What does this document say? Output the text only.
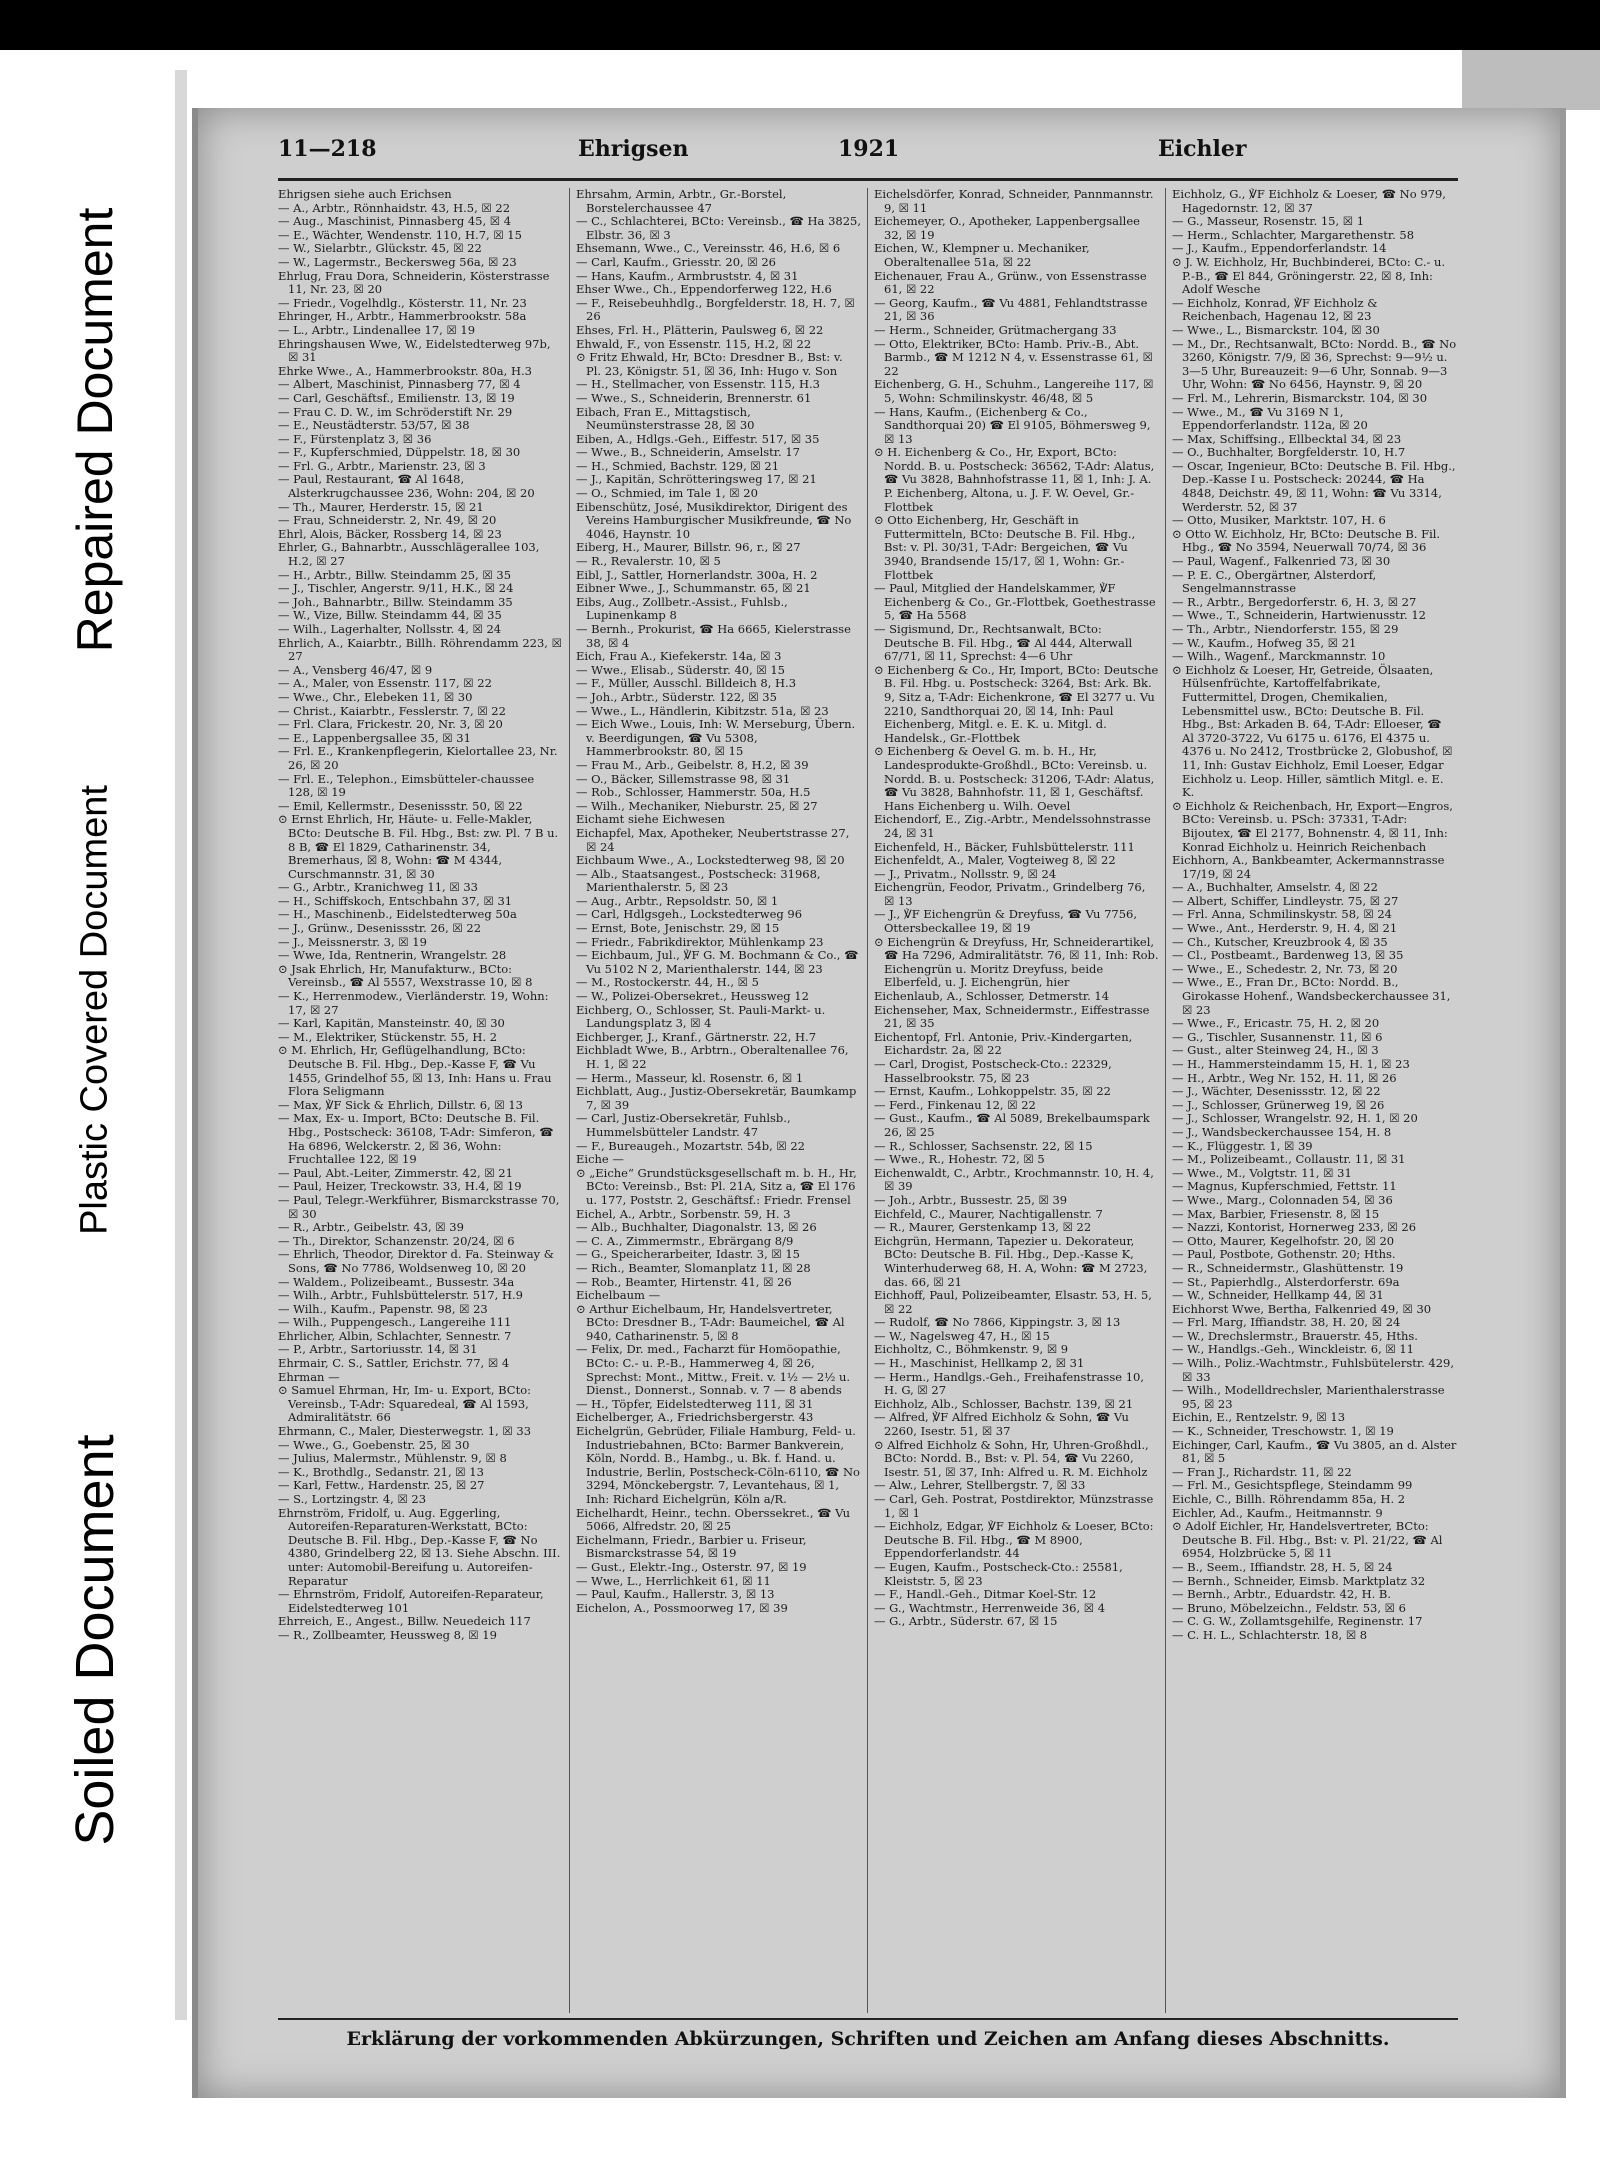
Repaired Document
Plastic Covered Document
Soiled Document
11—218	Ehrigsen	1921	Eichler

Ehrigsen siehe auch Erichsen

— A., Arbtr., Rönnhaidstr. 43, H.5, ☒ 22

— Aug., Maschinist, Pinnasberg 45, ☒ 4

— E., Wächter, Wendenstr. 110, H.7, ☒ 15

— W., Sielarbtr., Glückstr. 45, ☒ 22

— W., Lagermstr., Beckersweg 56a, ☒ 23

Ehrlug, Frau Dora, Schneiderin, Kösterstrasse 11, Nr. 23, ☒ 20

— Friedr., Vogelhdlg., Kösterstr. 11, Nr. 23

Ehringer, H., Arbtr., Hammerbrookstr. 58a

— L., Arbtr., Lindenallee 17, ☒ 19

Ehringshausen Wwe, W., Eidelstedterweg 97b, ☒ 31

Ehrke Wwe., A., Hammerbrookstr. 80a, H.3

— Albert, Maschinist, Pinnasberg 77, ☒ 4

— Carl, Geschäftsf., Emilienstr. 13, ☒ 19

— Frau C. D. W., im Schröderstift Nr. 29

— E., Neustädterstr. 53/57, ☒ 38

— F., Fürstenplatz 3, ☒ 36

— F., Kupferschmied, Düppelstr. 18, ☒ 30

— Frl. G., Arbtr., Marienstr. 23, ☒ 3

— Paul, Restaurant, ☎ Al 1648, Alsterkrugchaussee 236, Wohn: 204, ☒ 20

— Th., Maurer, Herderstr. 15, ☒ 21

— Frau, Schneiderstr. 2, Nr. 49, ☒ 20

Ehrl, Alois, Bäcker, Rossberg 14, ☒ 23

Ehrler, G., Bahnarbtr., Ausschlägerallee 103, H.2, ☒ 27

— H., Arbtr., Billw. Steindamm 25, ☒ 35

— J., Tischler, Angerstr. 9/11, H.K., ☒ 24

— Joh., Bahnarbtr., Billw. Steindamm 35

— W., Vize, Billw. Steindamm 44, ☒ 35

— Wilh., Lagerhalter, Nollsstr. 4, ☒ 24

Ehrlich, A., Kaiarbtr., Billh. Röhrendamm 223, ☒ 27

— A., Vensberg 46/47, ☒ 9

— A., Maler, von Essenstr. 117, ☒ 22

— Wwe., Chr., Elebeken 11, ☒ 30

— Christ., Kaiarbtr., Fesslerstr. 7, ☒ 22

— Frl. Clara, Frickestr. 20, Nr. 3, ☒ 20

— E., Lappenbergsallee 35, ☒ 31

— Frl. E., Krankenpflegerin, Kielortallee 23, Nr. 26, ☒ 20

— Frl. E., Telephon., Eimsbütteler-chaussee 128, ☒ 19

— Emil, Kellermstr., Desenissstr. 50, ☒ 22

⊙ Ernst Ehrlich, Hr, Häute- u. Felle-Makler, BCto: Deutsche B. Fil. Hbg., Bst: zw. Pl. 7 B u. 8 B, ☎ El 1829, Catharinenstr. 34, Bremerhaus, ☒ 8, Wohn: ☎ M 4344, Curschmannstr. 31, ☒ 30

— G., Arbtr., Kranichweg 11, ☒ 33

— H., Schiffskoch, Entschbahn 37, ☒ 31

— H., Maschinenb., Eidelstedterweg 50a

— J., Grünw., Desenissstr. 26, ☒ 22

— J., Meissnerstr. 3, ☒ 19

— Wwe, Ida, Rentnerin, Wrangelstr. 28

⊙ Jsak Ehrlich, Hr, Manufakturw., BCto: Vereinsb., ☎ Al 5557, Wexstrasse 10, ☒ 8

— K., Herrenmodew., Vierländerstr. 19, Wohn: 17, ☒ 27

— Karl, Kapitän, Mansteinstr. 40, ☒ 30

— M., Elektriker, Stückenstr. 55, H. 2

⊙ M. Ehrlich, Hr, Geflügelhandlung, BCto: Deutsche B. Fil. Hbg., Dep.-Kasse F, ☎ Vu 1455, Grindelhof 55, ☒ 13, Inh: Hans u. Frau Flora Seligmann

— Max, ℣F Sick & Ehrlich, Dillstr. 6, ☒ 13

— Max, Ex- u. Import, BCto: Deutsche B. Fil. Hbg., Postscheck: 36108, T-Adr: Simferon, ☎ Ha 6896, Welckerstr. 2, ☒ 36, Wohn: Fruchtallee 122, ☒ 19

— Paul, Abt.-Leiter, Zimmerstr. 42, ☒ 21

— Paul, Heizer, Treckowstr. 33, H.4, ☒ 19

— Paul, Telegr.-Werkführer, Bismarckstrasse 70, ☒ 30

— R., Arbtr., Geibelstr. 43, ☒ 39

— Th., Direktor, Schanzenstr. 20/24, ☒ 6

— Ehrlich, Theodor, Direktor d. Fa. Steinway & Sons, ☎ No 7786, Woldsenweg 10, ☒ 20

— Waldem., Polizeibeamt., Bussestr. 34a

— Wilh., Arbtr., Fuhlsbüttelerstr. 517, H.9

— Wilh., Kaufm., Papenstr. 98, ☒ 23

— Wilh., Puppengesch., Langereihe 111

Ehrlicher, Albin, Schlachter, Sennestr. 7

— P., Arbtr., Sartoriusstr. 14, ☒ 31

Ehrmair, C. S., Sattler, Erichstr. 77, ☒ 4

Ehrman —

⊙ Samuel Ehrman, Hr, Im- u. Export, BCto: Vereinsb., T-Adr: Squaredeal, ☎ Al 1593, Admiralitätstr. 66

Ehrmann, C., Maler, Diesterwegstr. 1, ☒ 33

— Wwe., G., Goebenstr. 25, ☒ 30

— Julius, Malermstr., Mühlenstr. 9, ☒ 8

— K., Brothdlg., Sedanstr. 21, ☒ 13

— Karl, Fettw., Hardenstr. 25, ☒ 27

— S., Lortzingstr. 4, ☒ 23

Ehrnström, Fridolf, u. Aug. Eggerling, Autoreifen-Reparaturen-Werkstatt, BCto: Deutsche B. Fil. Hbg., Dep.-Kasse F, ☎ No 4380, Grindelberg 22, ☒ 13. Siehe Abschn. III. unter: Automobil-Bereifung u. Autoreifen-Reparatur

— Ehrnström, Fridolf, Autoreifen-Reparateur, Eidelstedterweg 101

Ehrreich, E., Angest., Billw. Neuedeich 117

— R., Zollbeamter, Heussweg 8, ☒ 19

Ehrsahm, Armin, Arbtr., Gr.-Borstel, Borstelerchaussee 47

— C., Schlachterei, BCto: Vereinsb., ☎ Ha 3825, Elbstr. 36, ☒ 3

Ehsemann, Wwe., C., Vereinsstr. 46, H.6, ☒ 6

— Carl, Kaufm., Griesstr. 20, ☒ 26

— Hans, Kaufm., Armbruststr. 4, ☒ 31

Ehser Wwe., Ch., Eppendorferweg 122, H.6

— F., Reisebeuhhdlg., Borgfelderstr. 18, H. 7, ☒ 26

Ehses, Frl. H., Plätterin, Paulsweg 6, ☒ 22

Ehwald, F., von Essenstr. 115, H.2, ☒ 22

⊙ Fritz Ehwald, Hr, BCto: Dresdner B., Bst: v. Pl. 23, Königstr. 51, ☒ 36, Inh: Hugo v. Son

— H., Stellmacher, von Essenstr. 115, H.3

— Wwe., S., Schneiderin, Brennerstr. 61

Eibach, Fran E., Mittagstisch, Neumünsterstrasse 28, ☒ 30

Eiben, A., Hdlgs.-Geh., Eiffestr. 517, ☒ 35

— Wwe., B., Schneiderin, Amselstr. 17

— H., Schmied, Bachstr. 129, ☒ 21

— J., Kapitän, Schrötteringsweg 17, ☒ 21

— O., Schmied, im Tale 1, ☒ 20

Eibenschütz, José, Musikdirektor, Dirigent des Vereins Hamburgischer Musikfreunde, ☎ No 4046, Haynstr. 10

Eiberg, H., Maurer, Billstr. 96, r., ☒ 27

— R., Revalerstr. 10, ☒ 5

Eibl, J., Sattler, Hornerlandstr. 300a, H. 2

Eibner Wwe., J., Schummanstr. 65, ☒ 21

Eibs, Aug., Zollbetr.-Assist., Fuhlsb., Lupinenkamp 8

— Bernh., Prokurist, ☎ Ha 6665, Kielerstrasse 38, ☒ 4

Eich, Frau A., Kiefekerstr. 14a, ☒ 3

— Wwe., Elisab., Süderstr. 40, ☒ 15

— F., Müller, Ausschl. Billdeich 8, H.3

— Joh., Arbtr., Süderstr. 122, ☒ 35

— Wwe., L., Händlerin, Kibitzstr. 51a, ☒ 23

— Eich Wwe., Louis, Inh: W. Merseburg, Übern. v. Beerdigungen, ☎ Vu 5308, Hammerbrookstr. 80, ☒ 15

— Frau M., Arb., Geibelstr. 8, H.2, ☒ 39

— O., Bäcker, Sillemstrasse 98, ☒ 31

— Rob., Schlosser, Hammerstr. 50a, H.5

— Wilh., Mechaniker, Nieburstr. 25, ☒ 27

Eichamt siehe Eichwesen

Eichapfel, Max, Apotheker, Neubertstrasse 27, ☒ 24

Eichbaum Wwe., A., Lockstedterweg 98, ☒ 20

— Alb., Staatsangest., Postscheck: 31968, Marienthalerstr. 5, ☒ 23

— Aug., Arbtr., Repsoldstr. 50, ☒ 1

— Carl, Hdlgsgeh., Lockstedterweg 96

— Ernst, Bote, Jenischstr. 29, ☒ 15

— Friedr., Fabrikdirektor, Mühlenkamp 23

— Eichbaum, Jul., ℣F G. M. Bochmann & Co., ☎ Vu 5102 N 2, Marienthalerstr. 144, ☒ 23

— M., Rostockerstr. 44, H., ☒ 5

— W., Polizei-Obersekret., Heussweg 12

Eichberg, O., Schlosser, St. Pauli-Markt- u. Landungsplatz 3, ☒ 4

Eichberger, J., Kranf., Gärtnerstr. 22, H.7

Eichbladt Wwe, B., Arbtrn., Oberaltenallee 76, H. 1, ☒ 22

— Herm., Masseur, kl. Rosenstr. 6, ☒ 1

Eichblatt, Aug., Justiz-Obersekretär, Baumkamp 7, ☒ 39

— Carl, Justiz-Obersekretär, Fuhlsb., Hummelsbütteler Landstr. 47

— F., Bureaugeh., Mozartstr. 54b, ☒ 22

Eiche —

⊙ „Eiche“ Grundstücksgesellschaft m. b. H., Hr, BCto: Vereinsb., Bst: Pl. 21A, Sitz a, ☎ El 176 u. 177, Poststr. 2, Geschäftsf.: Friedr. Frensel

Eichel, A., Arbtr., Sorbenstr. 59, H. 3

— Alb., Buchhalter, Diagonalstr. 13, ☒ 26

— C. A., Zimmermstr., Ebrärgang 8/9

— G., Speicherarbeiter, Idastr. 3, ☒ 15

— Rich., Beamter, Slomanplatz 11, ☒ 28

— Rob., Beamter, Hirtenstr. 41, ☒ 26

Eichelbaum —

⊙ Arthur Eichelbaum, Hr, Handelsvertreter, BCto: Dresdner B., T-Adr: Baumeichel, ☎ Al 940, Catharinenstr. 5, ☒ 8

— Felix, Dr. med., Facharzt für Homöopathie, BCto: C.- u. P.-B., Hammerweg 4, ☒ 26, Sprechst: Mont., Mittw., Freit. v. 1½ — 2½ u. Dienst., Donnerst., Sonnab. v. 7 — 8 abends

— H., Töpfer, Eidelstedterweg 111, ☒ 31

Eichelberger, A., Friedrichsbergerstr. 43

Eichelgrün, Gebrüder, Filiale Hamburg, Feld- u. Industriebahnen, BCto: Barmer Bankverein, Köln, Nordd. B., Hambg., u. Bk. f. Hand. u. Industrie, Berlin, Postscheck-Cöln-6110, ☎ No 3294, Mönckebergstr. 7, Levantehaus, ☒ 1, Inh: Richard Eichelgrün, Köln a/R.

Eichelhardt, Heinr., techn. Oberssekret., ☎ Vu 5066, Alfredstr. 20, ☒ 25

Eichelmann, Friedr., Barbier u. Friseur, Bismarckstrasse 54, ☒ 19

— Gust., Elektr.-Ing., Osterstr. 97, ☒ 19

— Wwe, L., Herrlichkeit 61, ☒ 11

— Paul, Kaufm., Hallerstr. 3, ☒ 13

Eichelon, A., Possmoorweg 17, ☒ 39

Eichelsdörfer, Konrad, Schneider, Pannmannstr. 9, ☒ 11

Eichemeyer, O., Apotheker, Lappenbergsallee 32, ☒ 19

Eichen, W., Klempner u. Mechaniker, Oberaltenallee 51a, ☒ 22

Eichenauer, Frau A., Grünw., von Essenstrasse 61, ☒ 22

— Georg, Kaufm., ☎ Vu 4881, Fehlandtstrasse 21, ☒ 36

— Herm., Schneider, Grütmachergang 33

— Otto, Elektriker, BCto: Hamb. Priv.-B., Abt. Barmb., ☎ M 1212 N 4, v. Essenstrasse 61, ☒ 22

Eichenberg, G. H., Schuhm., Langereihe 117, ☒ 5, Wohn: Schmilinskystr. 46/48, ☒ 5

— Hans, Kaufm., (Eichenberg & Co., Sandthorquai 20) ☎ El 9105, Böhmersweg 9, ☒ 13

⊙ H. Eichenberg & Co., Hr, Export, BCto: Nordd. B. u. Postscheck: 36562, T-Adr: Alatus, ☎ Vu 3828, Bahnhofstrasse 11, ☒ 1, Inh: J. A. P. Eichenberg, Altona, u. J. F. W. Oevel, Gr.-Flottbek

⊙ Otto Eichenberg, Hr, Geschäft in Futtermitteln, BCto: Deutsche B. Fil. Hbg., Bst: v. Pl. 30/31, T-Adr: Bergeichen, ☎ Vu 3940, Brandsende 15/17, ☒ 1, Wohn: Gr.-Flottbek

— Paul, Mitglied der Handelskammer, ℣F Eichenberg & Co., Gr.-Flottbek, Goethestrasse 5, ☎ Ha 5568

— Sigismund, Dr., Rechtsanwalt, BCto: Deutsche B. Fil. Hbg., ☎ Al 444, Alterwall 67/71, ☒ 11, Sprechst: 4—6 Uhr

⊙ Eichenberg & Co., Hr, Import, BCto: Deutsche B. Fil. Hbg. u. Postscheck: 3264, Bst: Ark. Bk. 9, Sitz a, T-Adr: Eichenkrone, ☎ El 3277 u. Vu 2210, Sandthorquai 20, ☒ 14, Inh: Paul Eichenberg, Mitgl. e. E. K. u. Mitgl. d. Handelsk., Gr.-Flottbek

⊙ Eichenberg & Oevel G. m. b. H., Hr, Landesprodukte-Großhdl., BCto: Vereinsb. u. Nordd. B. u. Postscheck: 31206, T-Adr: Alatus, ☎ Vu 3828, Bahnhofstr. 11, ☒ 1, Geschäftsf. Hans Eichenberg u. Wilh. Oevel

Eichendorf, E., Zig.-Arbtr., Mendelssohnstrasse 24, ☒ 31

Eichenfeld, H., Bäcker, Fuhlsbüttelerstr. 111

Eichenfeldt, A., Maler, Vogteiweg 8, ☒ 22

— J., Privatm., Nollsstr. 9, ☒ 24

Eichengrün, Feodor, Privatm., Grindelberg 76, ☒ 13

— J., ℣F Eichengrün & Dreyfuss, ☎ Vu 7756, Ottersbeckallee 19, ☒ 19

⊙ Eichengrün & Dreyfuss, Hr, Schneiderartikel, ☎ Ha 7296, Admiralitätstr. 76, ☒ 11, Inh: Rob. Eichengrün u. Moritz Dreyfuss, beide Elberfeld, u. J. Eichengrün, hier

Eichenlaub, A., Schlosser, Detmerstr. 14

Eichenseher, Max, Schneidermstr., Eiffestrasse 21, ☒ 35

Eichentopf, Frl. Antonie, Priv.-Kindergarten, Eichardstr. 2a, ☒ 22

— Carl, Drogist, Postscheck-Cto.: 22329, Hasselbrookstr. 75, ☒ 23

— Ernst, Kaufm., Lohkoppelstr. 35, ☒ 22

— Ferd., Finkenau 12, ☒ 22

— Gust., Kaufm., ☎ Al 5089, Brekelbaumspark 26, ☒ 25

— R., Schlosser, Sachsenstr. 22, ☒ 15

— Wwe., R., Hohestr. 72, ☒ 5

Eichenwaldt, C., Arbtr., Krochmannstr. 10, H. 4, ☒ 39

— Joh., Arbtr., Bussestr. 25, ☒ 39

Eichfeld, C., Maurer, Nachtigallenstr. 7

— R., Maurer, Gerstenkamp 13, ☒ 22

Eichgrün, Hermann, Tapezier u. Dekorateur, BCto: Deutsche B. Fil. Hbg., Dep.-Kasse K, Winterhuderweg 68, H. A, Wohn: ☎ M 2723, das. 66, ☒ 21

Eichhoff, Paul, Polizeibeamter, Elsastr. 53, H. 5, ☒ 22

— Rudolf, ☎ No 7866, Kippingstr. 3, ☒ 13

— W., Nagelsweg 47, H., ☒ 15

Eichholtz, C., Böhmkenstr. 9, ☒ 9

— H., Maschinist, Hellkamp 2, ☒ 31

— Herm., Handlgs.-Geh., Freihafenstrasse 10, H. G, ☒ 27

Eichholz, Alb., Schlosser, Bachstr. 139, ☒ 21

— Alfred, ℣F Alfred Eichholz & Sohn, ☎ Vu 2260, Isestr. 51, ☒ 37

⊙ Alfred Eichholz & Sohn, Hr, Uhren-Großhdl., BCto: Nordd. B., Bst: v. Pl. 54, ☎ Vu 2260, Isestr. 51, ☒ 37, Inh: Alfred u. R. M. Eichholz

— Alw., Lehrer, Stellbergstr. 7, ☒ 33

— Carl, Geh. Postrat, Postdirektor, Münzstrasse 1, ☒ 1

— Eichholz, Edgar, ℣F Eichholz & Loeser, BCto: Deutsche B. Fil. Hbg., ☎ M 8900, Eppendorferlandstr. 44

— Eugen, Kaufm., Postscheck-Cto.: 25581, Kleiststr. 5, ☒ 23

— F., Handl.-Geh., Ditmar Koel-Str. 12

— G., Wachtmstr., Herrenweide 36, ☒ 4

— G., Arbtr., Süderstr. 67, ☒ 15

Eichholz, G., ℣F Eichholz & Loeser, ☎ No 979, Hagedornstr. 12, ☒ 37

— G., Masseur, Rosenstr. 15, ☒ 1

— Herm., Schlachter, Margarethenstr. 58

— J., Kaufm., Eppendorferlandstr. 14

⊙ J. W. Eichholz, Hr, Buchbinderei, BCto: C.- u. P.-B., ☎ El 844, Gröningerstr. 22, ☒ 8, Inh: Adolf Wesche

— Eichholz, Konrad, ℣F Eichholz & Reichenbach, Hagenau 12, ☒ 23

— Wwe., L., Bismarckstr. 104, ☒ 30

— M., Dr., Rechtsanwalt, BCto: Nordd. B., ☎ No 3260, Königstr. 7/9, ☒ 36, Sprechst: 9—9½ u. 3—5 Uhr, Bureauzeit: 9—6 Uhr, Sonnab. 9—3 Uhr, Wohn: ☎ No 6456, Haynstr. 9, ☒ 20

— Frl. M., Lehrerin, Bismarckstr. 104, ☒ 30

— Wwe., M., ☎ Vu 3169 N 1, Eppendorferlandstr. 112a, ☒ 20

— Max, Schiffsing., Ellbecktal 34, ☒ 23

— O., Buchhalter, Borgfelderstr. 10, H.7

— Oscar, Ingenieur, BCto: Deutsche B. Fil. Hbg., Dep.-Kasse I u. Postscheck: 20244, ☎ Ha 4848, Deichstr. 49, ☒ 11, Wohn: ☎ Vu 3314, Werderstr. 52, ☒ 37

— Otto, Musiker, Marktstr. 107, H. 6

⊙ Otto W. Eichholz, Hr, BCto: Deutsche B. Fil. Hbg., ☎ No 3594, Neuerwall 70/74, ☒ 36

— Paul, Wagenf., Falkenried 73, ☒ 30

— P. E. C., Obergärtner, Alsterdorf, Sengelmannstrasse

— R., Arbtr., Bergedorferstr. 6, H. 3, ☒ 27

— Wwe., T., Schneiderin, Hartwienusstr. 12

— Th., Arbtr., Niendorferstr. 155, ☒ 29

— W., Kaufm., Hofweg 35, ☒ 21

— Wilh., Wagenf., Marckmannstr. 10

⊙ Eichholz & Loeser, Hr, Getreide, Ölsaaten, Hülsenfrüchte, Kartoffelfabrikate, Futtermittel, Drogen, Chemikalien, Lebensmittel usw., BCto: Deutsche B. Fil. Hbg., Bst: Arkaden B. 64, T-Adr: Elloeser, ☎ Al 3720-3722, Vu 6175 u. 6176, El 4375 u. 4376 u. No 2412, Trostbrücke 2, Globushof, ☒ 11, Inh: Gustav Eichholz, Emil Loeser, Edgar Eichholz u. Leop. Hiller, sämtlich Mitgl. e. E. K.

⊙ Eichholz & Reichenbach, Hr, Export—Engros, BCto: Vereinsb. u. PSch: 37331, T-Adr: Bijoutex, ☎ El 2177, Bohnenstr. 4, ☒ 11, Inh: Konrad Eichholz u. Heinrich Reichenbach

Eichhorn, A., Bankbeamter, Ackermannstrasse 17/19, ☒ 24

— A., Buchhalter, Amselstr. 4, ☒ 22

— Albert, Schiffer, Lindleystr. 75, ☒ 27

— Frl. Anna, Schmilinskystr. 58, ☒ 24

— Wwe., Ant., Herderstr. 9, H. 4, ☒ 21

— Ch., Kutscher, Kreuzbrook 4, ☒ 35

— Cl., Postbeamt., Bardenweg 13, ☒ 35

— Wwe., E., Schedestr. 2, Nr. 73, ☒ 20

— Wwe., E., Fran Dr., BCto: Nordd. B., Girokasse Hohenf., Wandsbeckerchaussee 31, ☒ 23

— Wwe., F., Ericastr. 75, H. 2, ☒ 20

— G., Tischler, Susannenstr. 11, ☒ 6

— Gust., alter Steinweg 24, H., ☒ 3

— H., Hammersteindamm 15, H. 1, ☒ 23

— H., Arbtr., Weg Nr. 152, H. 11, ☒ 26

— J., Wächter, Desenissstr. 12, ☒ 22

— J., Schlosser, Grünerweg 19, ☒ 26

— J., Schlosser, Wrangelstr. 92, H. 1, ☒ 20

— J., Wandsbeckerchaussee 154, H. 8

— K., Flüggestr. 1, ☒ 39

— M., Polizeibeamt., Collaustr. 11, ☒ 31

— Wwe., M., Volgtstr. 11, ☒ 31

— Magnus, Kupferschmied, Fettstr. 11

— Wwe., Marg., Colonnaden 54, ☒ 36

— Max, Barbier, Friesenstr. 8, ☒ 15

— Nazzi, Kontorist, Hornerweg 233, ☒ 26

— Otto, Maurer, Kegelhofstr. 20, ☒ 20

— Paul, Postbote, Gothenstr. 20; Hths.

— R., Schneidermstr., Glashüttenstr. 19

— St., Papierhdlg., Alsterdorferstr. 69a

— W., Schneider, Hellkamp 44, ☒ 31

Eichhorst Wwe, Bertha, Falkenried 49, ☒ 30

— Frl. Marg, Iffiandstr. 38, H. 20, ☒ 24

— W., Drechslermstr., Brauerstr. 45, Hths.

— W., Handlgs.-Geh., Winckleistr. 6, ☒ 11

— Wilh., Poliz.-Wachtmstr., Fuhlsbütelerstr. 429, ☒ 33

— Wilh., Modelldrechsler, Marienthalerstrasse 95, ☒ 23

Eichin, E., Rentzelstr. 9, ☒ 13

— K., Schneider, Treschowstr. 1, ☒ 19

Eichinger, Carl, Kaufm., ☎ Vu 3805, an d. Alster 81, ☒ 5

— Fran J., Richardstr. 11, ☒ 22

— Frl. M., Gesichtspflege, Steindamm 99

Eichle, C., Billh. Röhrendamm 85a, H. 2

Eichler, Ad., Kaufm., Heitmannstr. 9

⊙ Adolf Eichler, Hr, Handelsvertreter, BCto: Deutsche B. Fil. Hbg., Bst: v. Pl. 21/22, ☎ Al 6954, Holzbrücke 5, ☒ 11

— B., Seem., Iffiandstr. 28, H. 5, ☒ 24

— Bernh., Schneider, Eimsb. Marktplatz 32

— Bernh., Arbtr., Eduardstr. 42, H. B.

— Bruno, Möbelzeichn., Feldstr. 53, ☒ 6

— C. G. W., Zollamtsgehilfe, Reginenstr. 17

— C. H. L., Schlachterstr. 18, ☒ 8

Erklärung der vorkommenden Abkürzungen, Schriften und Zeichen am Anfang dieses Abschnitts.
